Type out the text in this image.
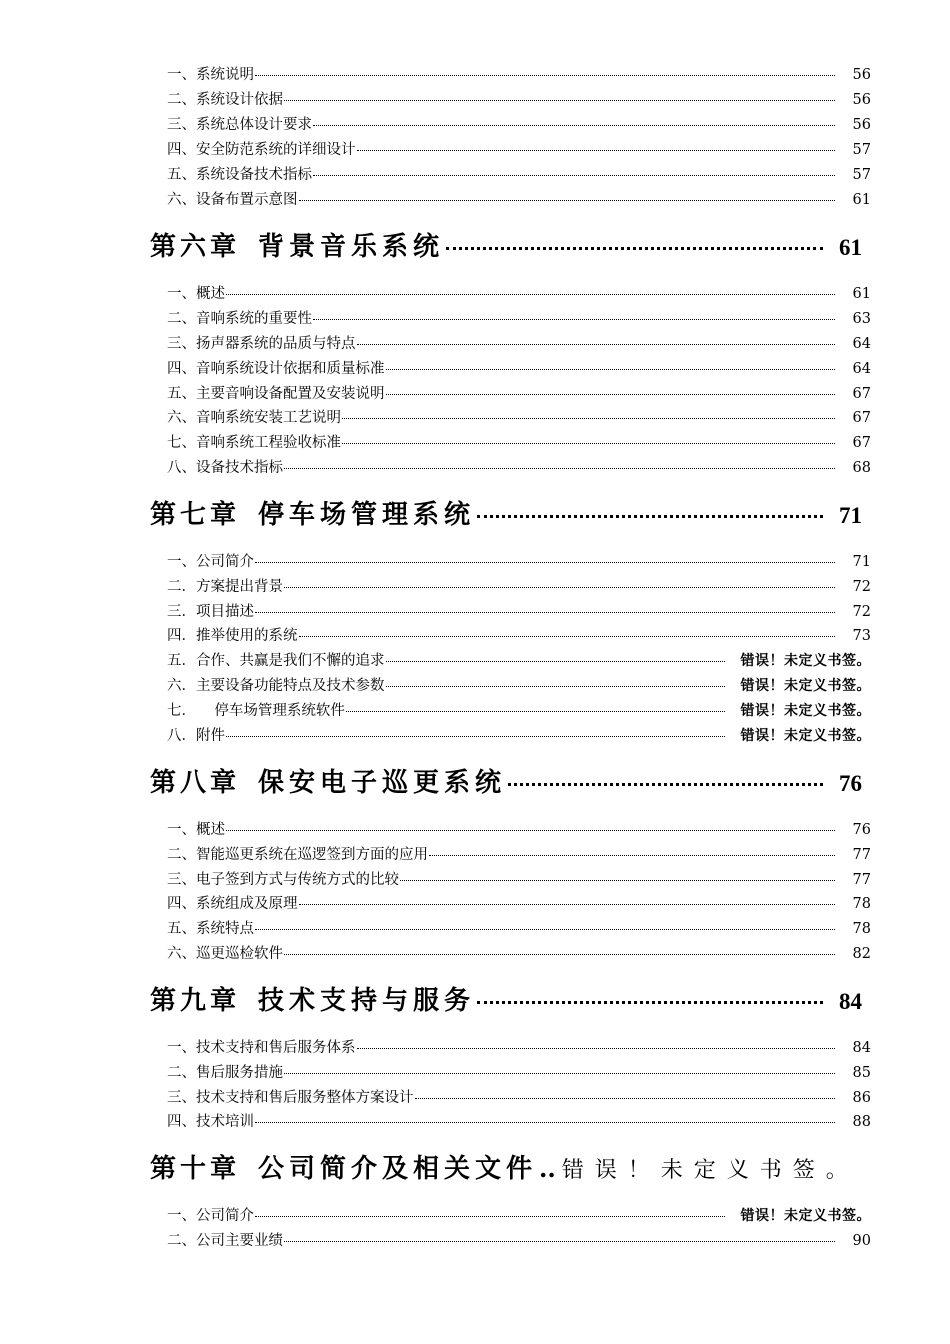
一、系统说明	56
二、系统设计依据	56
三、系统总体设计要求	56
四、安全防范系统的详细设计	57
五、系统设备技术指标	57
六、设备布置示意图	61
第六章 背景音乐系统	61
一、概述	61
二、音响系统的重要性	63
三、扬声器系统的品质与特点	64
四、音响系统设计依据和质量标准	64
五、主要音响设备配置及安装说明	67
六、音响系统安装工艺说明	67
七、音响系统工程验收标准	67
八、设备技术指标	68
第七章 停车场管理系统	71
一、公司简介	71
二．方案提出背景	72
三．项目描述	72
四．推举使用的系统	73
五．合作、共赢是我们不懈的追求	错误！未定义书签。
六．主要设备功能特点及技术参数	错误！未定义书签。
七．    停车场管理系统软件	错误！未定义书签。
八．附件	错误！未定义书签。
第八章 保安电子巡更系统	76
一、概述	76
二、智能巡更系统在巡逻签到方面的应用	77
三、电子签到方式与传统方式的比较	77
四、系统组成及原理	78
五、系统特点	78
六、巡更巡检软件	82
第九章 技术支持与服务	84
一、技术支持和售后服务体系	84
二、售后服务措施	85
三、技术支持和售后服务整体方案设计	86
四、技术培训	88
第十章 公司简介及相关文件 .. 错误！未定义书签。
一、公司简介	错误！未定义书签。
二、公司主要业绩	90
